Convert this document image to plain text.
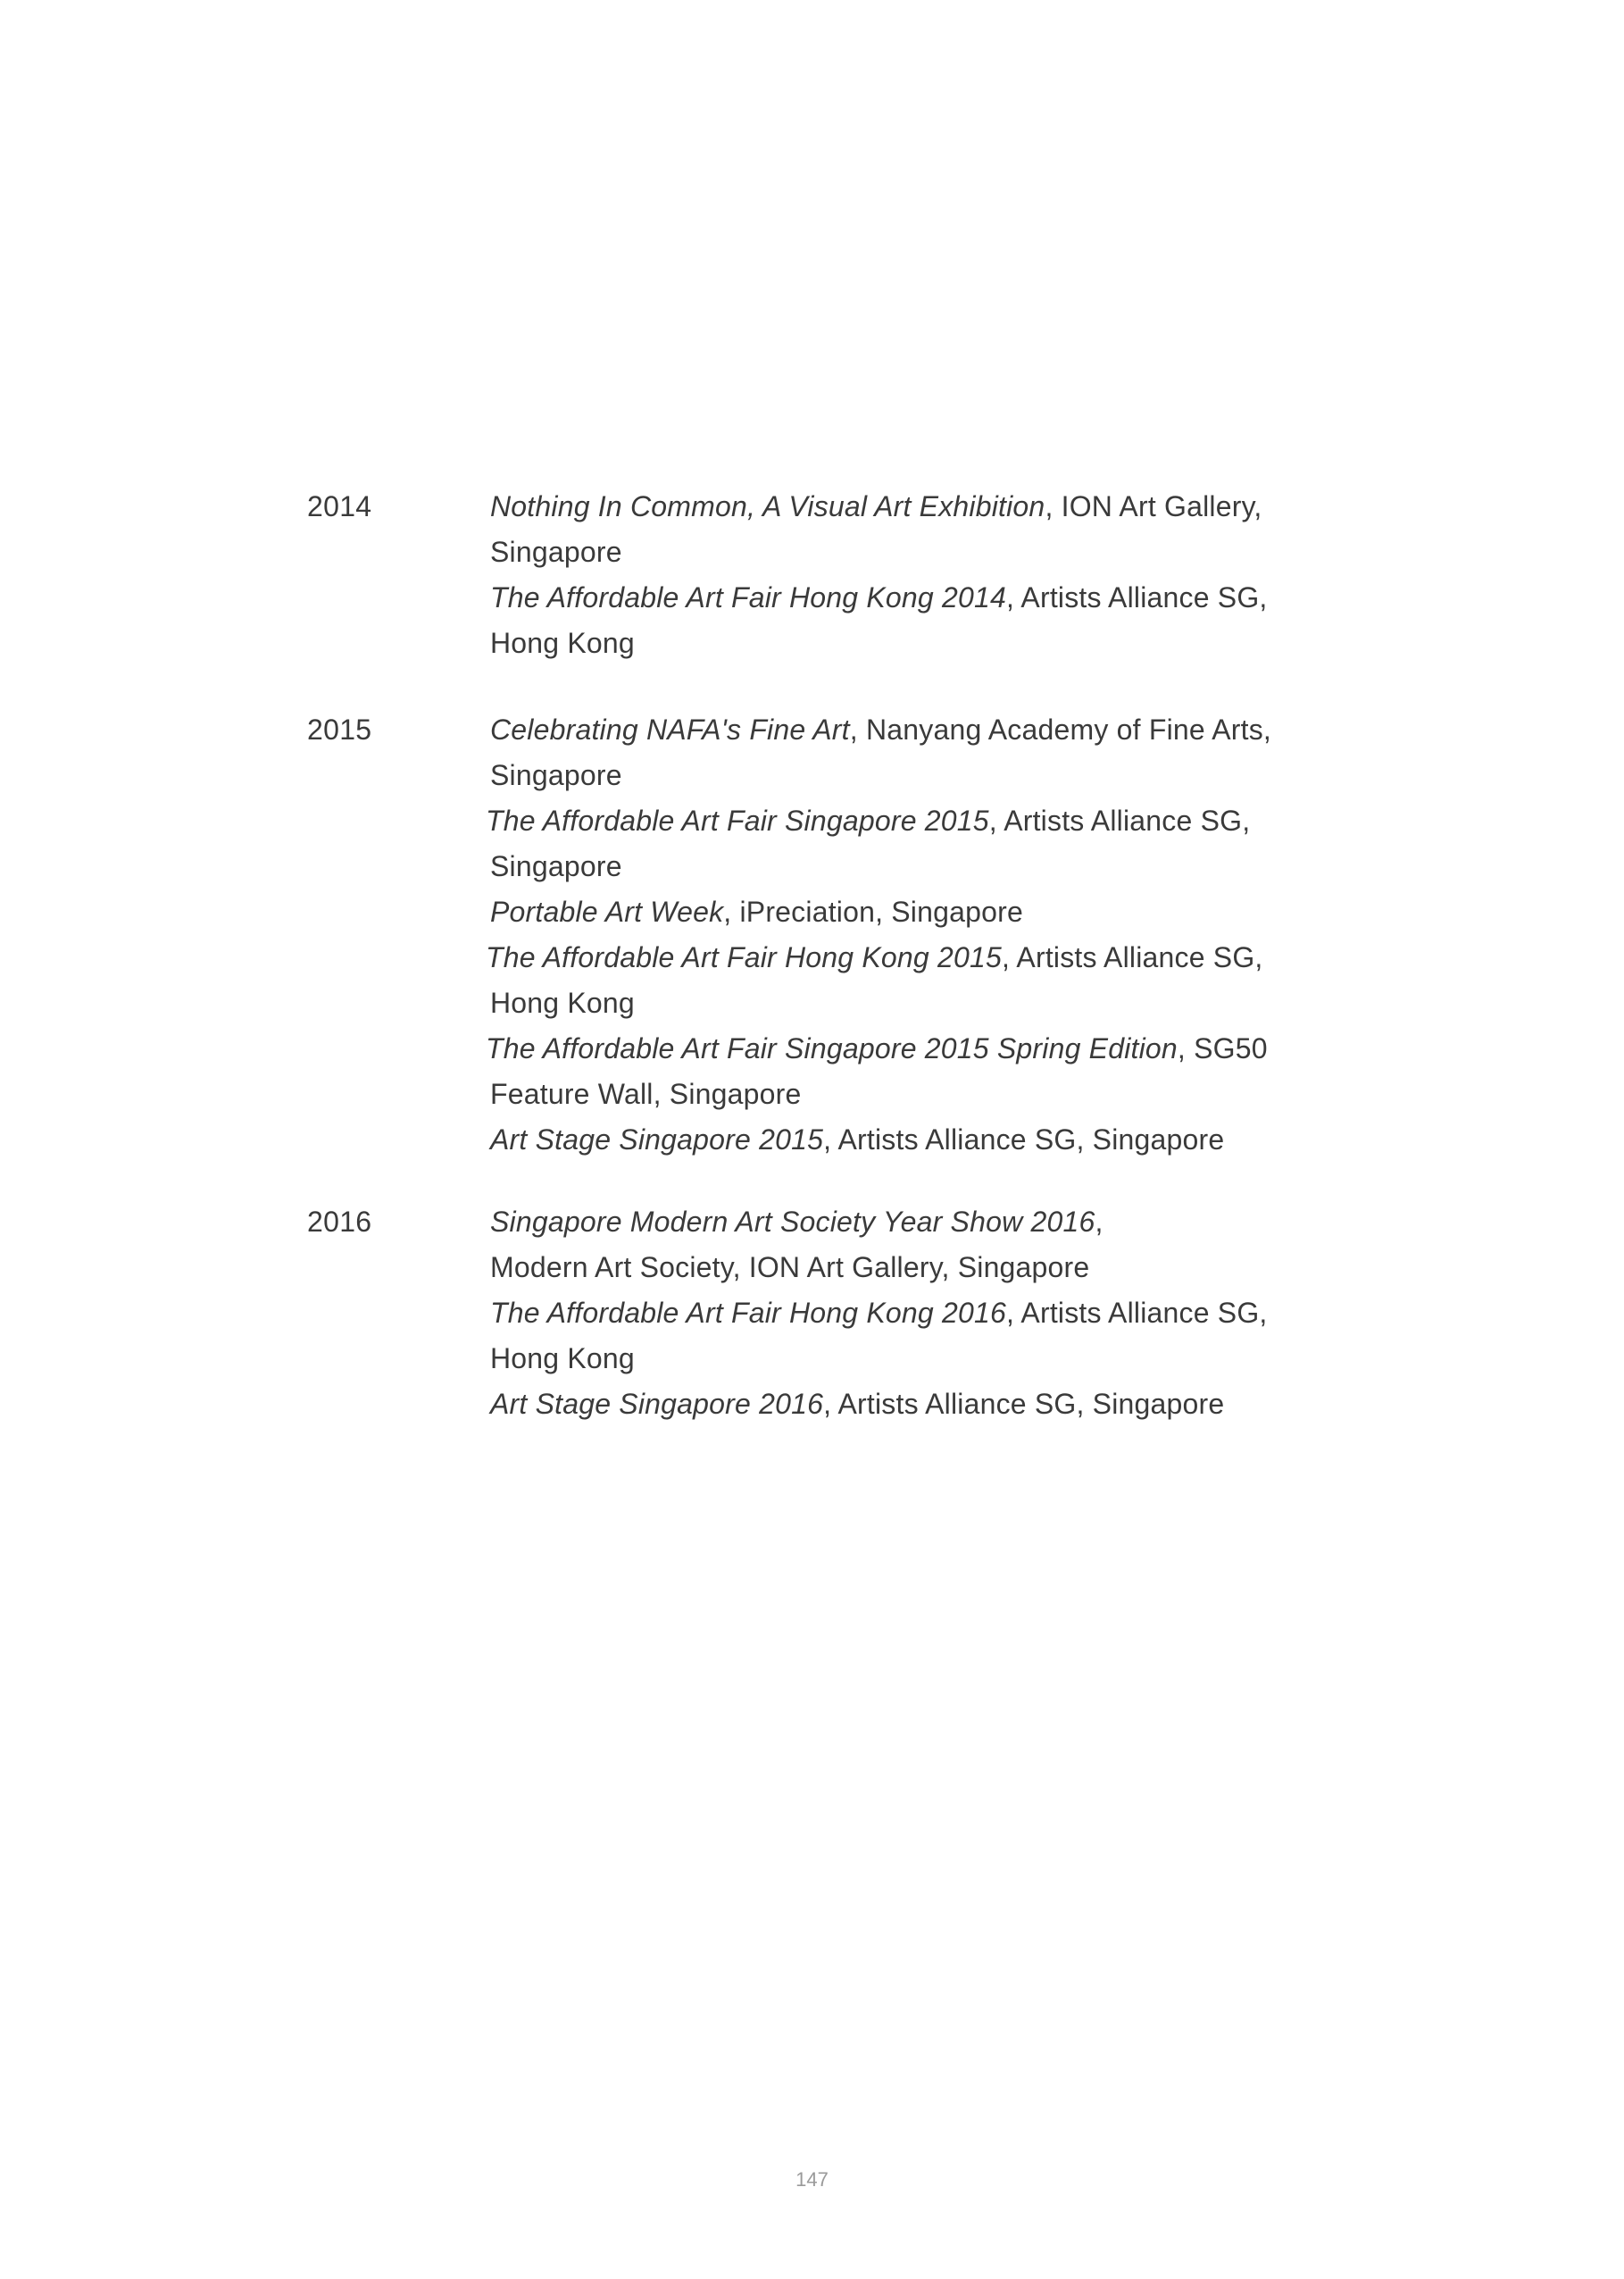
2014	Nothing In Common, A Visual Art Exhibition, ION Art Gallery,

Singapore

The Affordable Art Fair Hong Kong 2014, Artists Alliance SG,

Hong Kong

2015	Celebrating NAFA's Fine Art, Nanyang Academy of Fine Arts,

Singapore

The Affordable Art Fair Singapore 2015, Artists Alliance SG,

Singapore

Portable Art Week, iPreciation, Singapore

The Affordable Art Fair Hong Kong 2015, Artists Alliance SG,

Hong Kong

The Affordable Art Fair Singapore 2015 Spring Edition, SG50

Feature Wall, Singapore

Art Stage Singapore 2015, Artists Alliance SG, Singapore

2016	Singapore Modern Art Society Year Show 2016,

Modern Art Society, ION Art Gallery, Singapore

The Affordable Art Fair Hong Kong 2016, Artists Alliance SG,

Hong Kong

Art Stage Singapore 2016, Artists Alliance SG, Singapore

147
